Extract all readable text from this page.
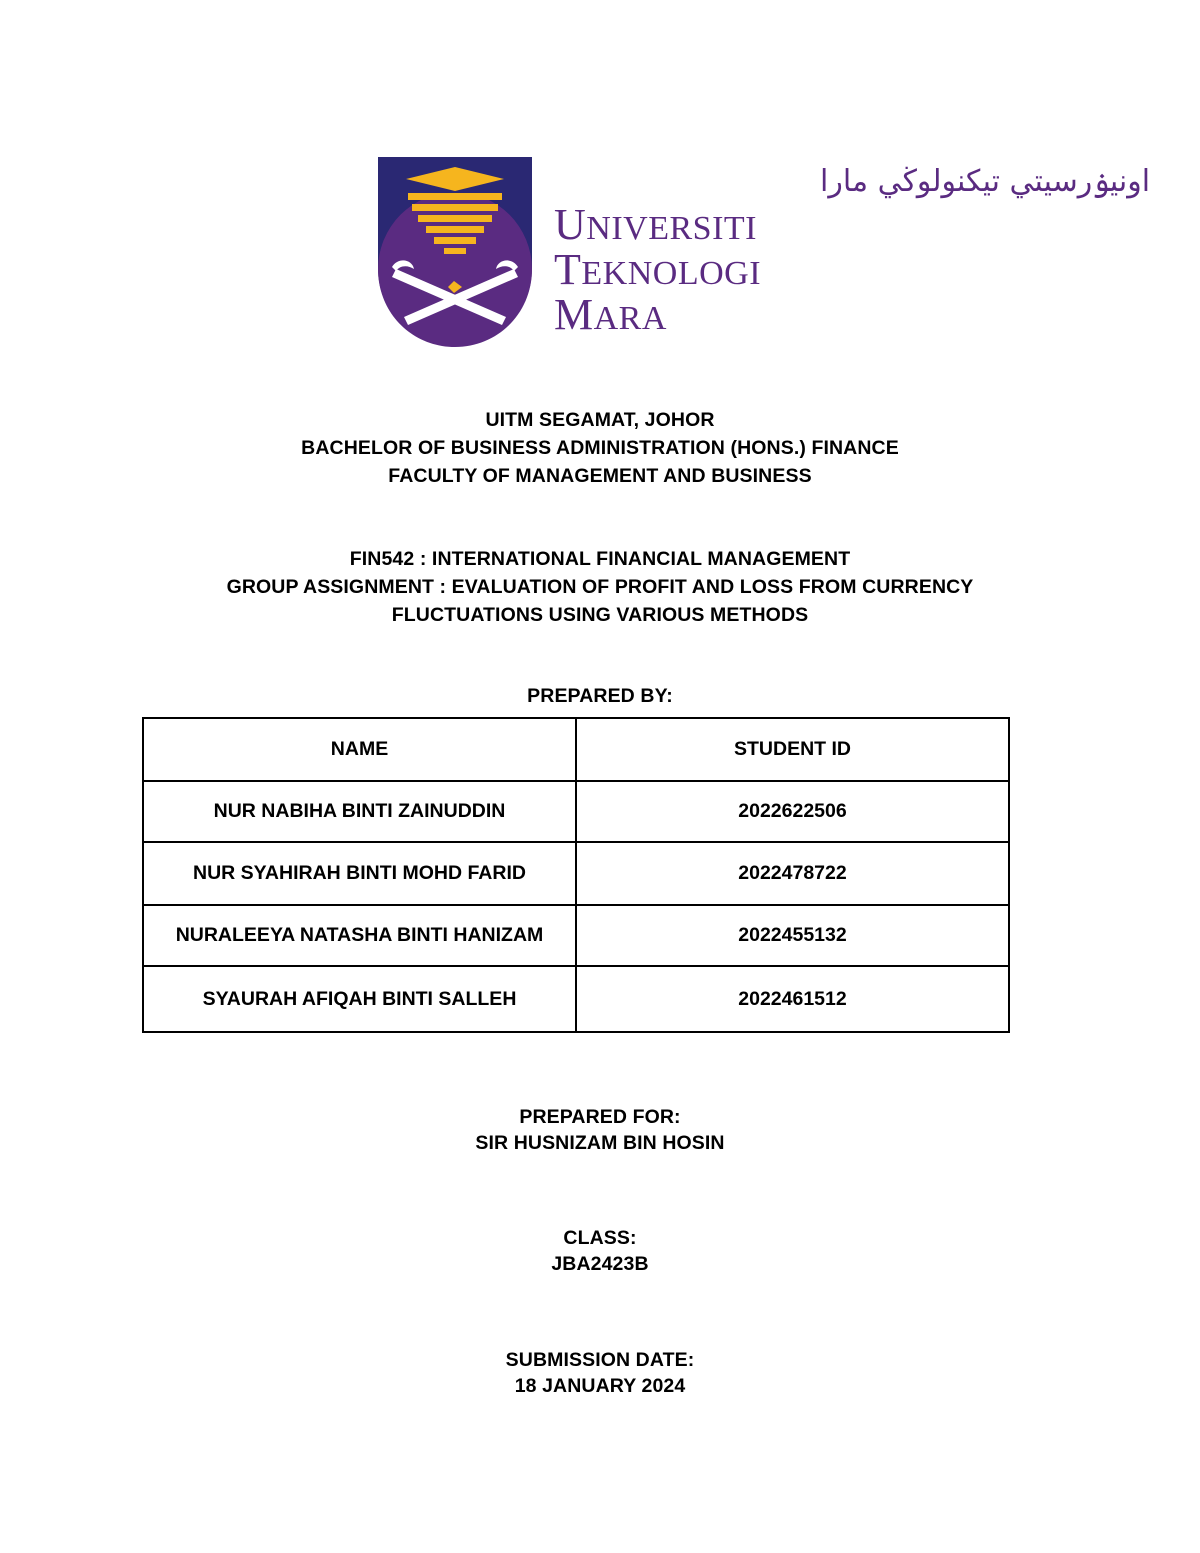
اونيۏرسيتي تيكنولوڬي مارا
UNIVERSITI
TEKNOLOGI
MARA
UITM SEGAMAT, JOHOR
BACHELOR OF BUSINESS ADMINISTRATION (HONS.) FINANCE
FACULTY OF MANAGEMENT AND BUSINESS
FIN542 : INTERNATIONAL FINANCIAL MANAGEMENT
GROUP ASSIGNMENT : EVALUATION OF PROFIT AND LOSS FROM CURRENCY
FLUCTUATIONS USING VARIOUS METHODS
PREPARED BY:
NAME	STUDENT ID
NUR NABIHA BINTI ZAINUDDIN	2022622506
NUR SYAHIRAH BINTI MOHD FARID	2022478722
NURALEEYA NATASHA BINTI HANIZAM	2022455132
SYAURAH AFIQAH BINTI SALLEH	2022461512
PREPARED FOR:
SIR HUSNIZAM BIN HOSIN
CLASS:
JBA2423B
SUBMISSION DATE:
18 JANUARY 2024
